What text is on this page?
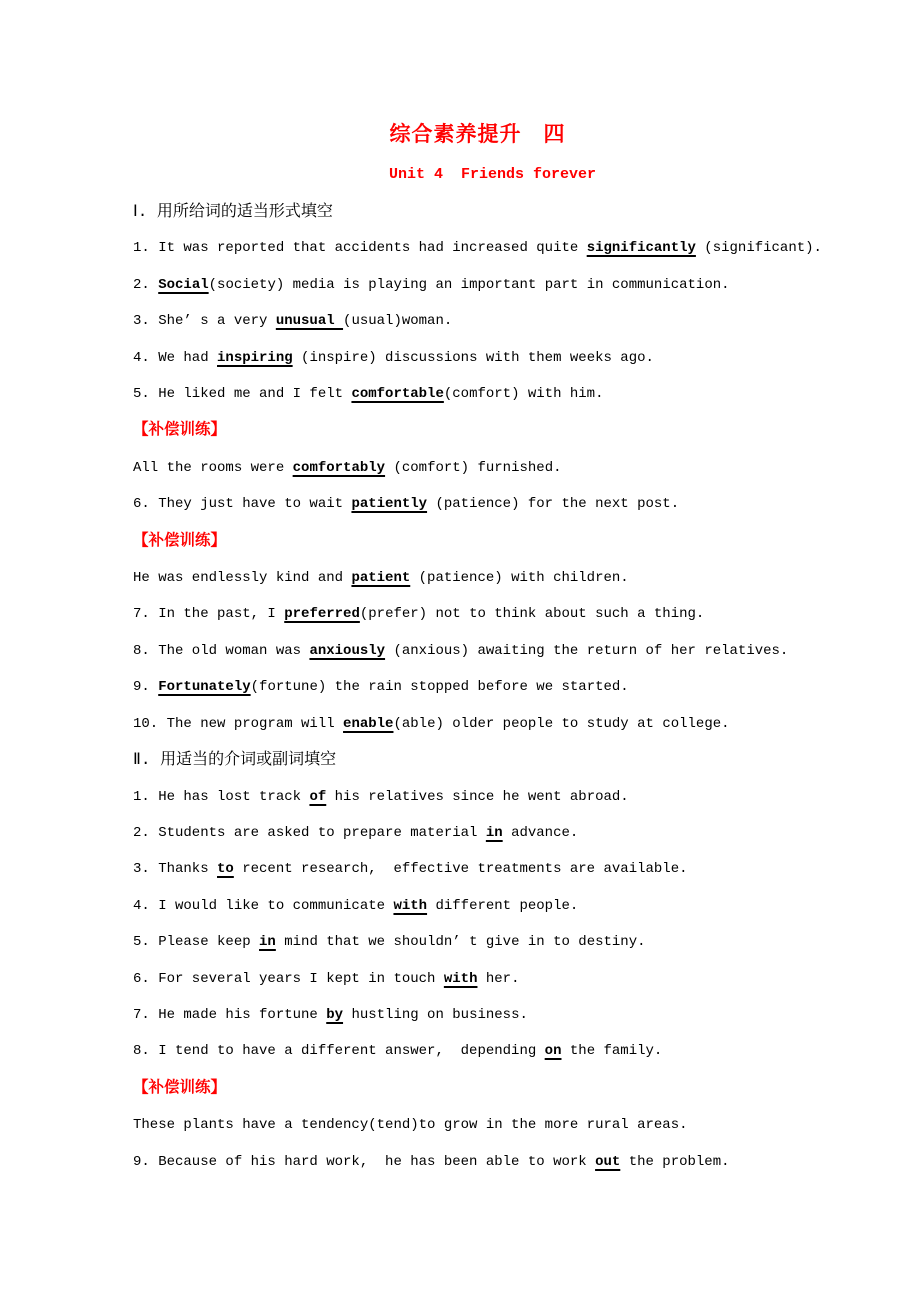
综合素养提升　四
Unit 4  Friends forever
Ⅰ. 用所给词的适当形式填空
1. It was reported that accidents had increased quite significantly (significant).
2. Social(society) media is playing an important part in communication.
3. She’ s a very unusual (usual)woman.
4. We had inspiring (inspire) discussions with them weeks ago.
5. He liked me and I felt comfortable(comfort) with him.
【补偿训练】
All the rooms were comfortably (comfort) furnished.
6. They just have to wait patiently (patience) for the next post.
【补偿训练】
He was endlessly kind and patient (patience) with children.
7. In the past, I preferred(prefer) not to think about such a thing.
8. The old woman was anxiously (anxious) awaiting the return of her relatives.
9. Fortunately(fortune) the rain stopped before we started.
10. The new program will enable(able) older people to study at college.
Ⅱ. 用适当的介词或副词填空
1. He has lost track of his relatives since he went abroad.
2. Students are asked to prepare material in advance.
3. Thanks to recent research,  effective treatments are available.
4. I would like to communicate with different people.
5. Please keep in mind that we shouldn’ t give in to destiny.
6. For several years I kept in touch with her.
7. He made his fortune by hustling on business.
8. I tend to have a different answer,  depending on the family.
【补偿训练】
These plants have a tendency(tend)to grow in the more rural areas.
9. Because of his hard work,  he has been able to work out the problem.
